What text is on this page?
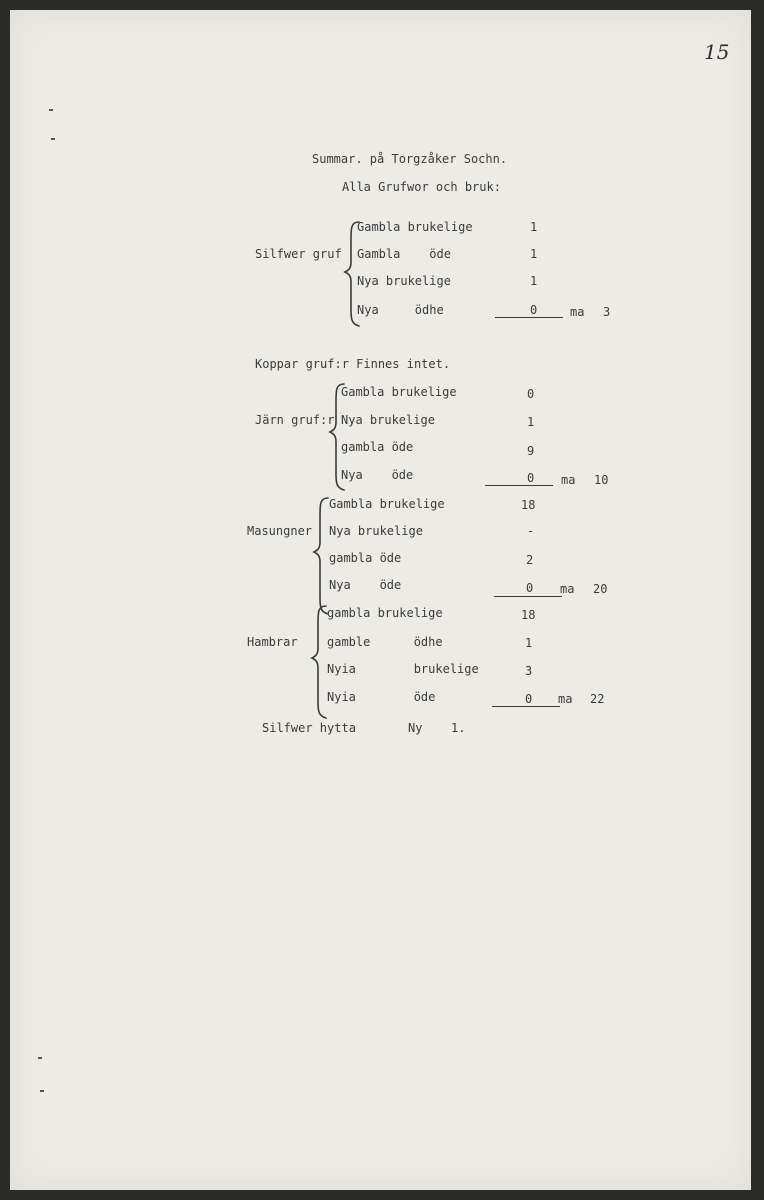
15
Summar. på Torgzåker Sochn.
Alla Grufwor och bruk:
Silfwer gruf
Gambla brukelige	1
Gambla    öde	1
Nya brukelige	1
Nya     ödhe	0	ma 3
Koppar gruf:r Finnes intet.
Järn gruf:r
Gambla brukelige	0
Nya brukelige	1
gambla öde	9
Nya    öde	0 ma 10
Masungner
Gambla brukelige	18
Nya brukelige	-
gambla öde	2
Nya    öde	0 ma 20
Hambrar
gambla brukelige	18
gamble      ödhe	1
Nyia        brukelige	3
Nyia        öde	0 ma 22
Silfwer hytta	Ny 1.
